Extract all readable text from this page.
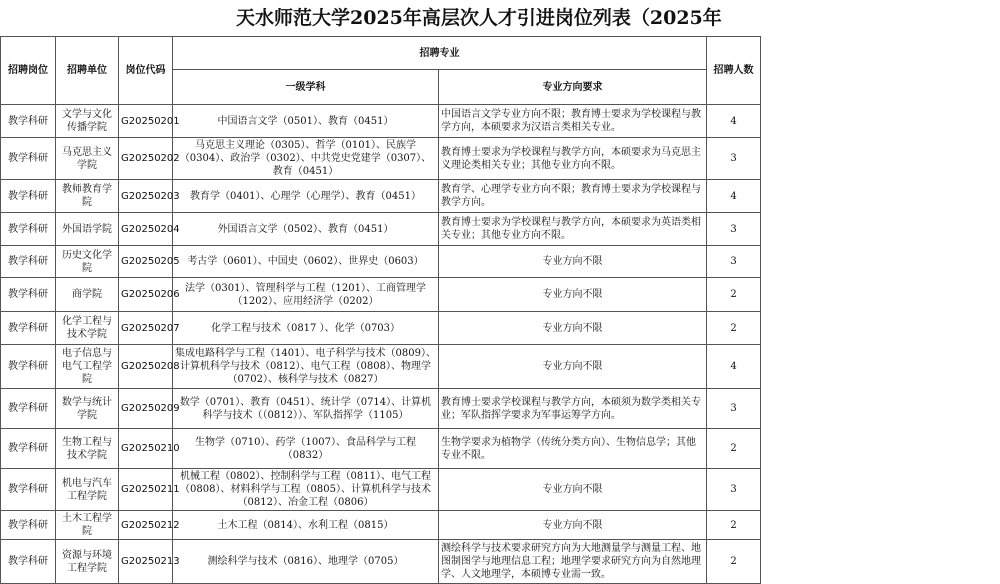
天水师范大学2025年高层次人才引进岗位列表（2025年
招聘岗位	招聘单位	岗位代码	招聘专业		招聘人数
			一级学科	专业方向要求	
教学科研	文学与文化传播学院	G20250201	中国语言文学（0501）、教育（0451）	中国语言文学专业方向不限；教育博士要求为学校课程与教学方向，本硕要求为汉语言类相关专业。	4
教学科研	马克思主义学院	G20250202	马克思主义理论（0305）、哲学（0101）、民族学（0304）、政治学（0302）、中共党史党建学（0307）、教育（0451）	教育博士要求为学校课程与教学方向，本硕要求为马克思主义理论类相关专业；其他专业方向不限。	3
教学科研	教师教育学院	G20250203	教育学（0401）、心理学（心理学）、教育（0451）	教育学、心理学专业方向不限；教育博士要求为学校课程与教学方向。	4
教学科研	外国语学院	G20250204	外国语言文学（0502）、教育（0451）	教育博士要求为学校课程与教学方向，本硕要求为英语类相关专业；其他专业方向不限。	3
教学科研	历史文化学院	G20250205	考古学（0601）、中国史（0602）、世界史（0603）	专业方向不限	3
教学科研	商学院	G20250206	法学（0301）、管理科学与工程（1201）、工商管理学（1202）、应用经济学（0202）	专业方向不限	2
教学科研	化学工程与技术学院	G20250207	化学工程与技术（0817 ）、化学（0703）	专业方向不限	2
教学科研	电子信息与电气工程学院	G20250208	集成电路科学与工程（1401）、电子科学与技术（0809）、计算机科学与技术（0812）、电气工程（0808）、物理学（0702）、核科学与技术（0827）	专业方向不限	4
教学科研	数学与统计学院	G20250209	数学（0701）、教育（0451）、统计学（0714）、计算机科学与技术（（0812））、军队指挥学（1105）	教育博士要求学校课程与教学方向，本硕须为数学类相关专业；军队指挥学要求为军事运筹学方向。	3
教学科研	生物工程与技术学院	G20250210	生物学（0710）、药学（1007）、食品科学与工程（0832）	生物学要求为植物学（传统分类方向）、生物信息学；其他专业不限。	2
教学科研	机电与汽车工程学院	G20250211	机械工程（0802）、控制科学与工程（0811）、电气工程（0808）、材料科学与工程（0805）、计算机科学与技术（0812）、冶金工程（0806）	专业方向不限	3
教学科研	土木工程学院	G20250212	土木工程（0814）、水利工程（0815）	专业方向不限	2
教学科研	资源与环境工程学院	G20250213	测绘科学与技术（0816）、地理学（0705）	测绘科学与技术要求研究方向为大地测量学与测量工程、地图制图学与地理信息工程；地理学要求研究方向为自然地理学、人文地理学，本硕博专业需一致。	2
